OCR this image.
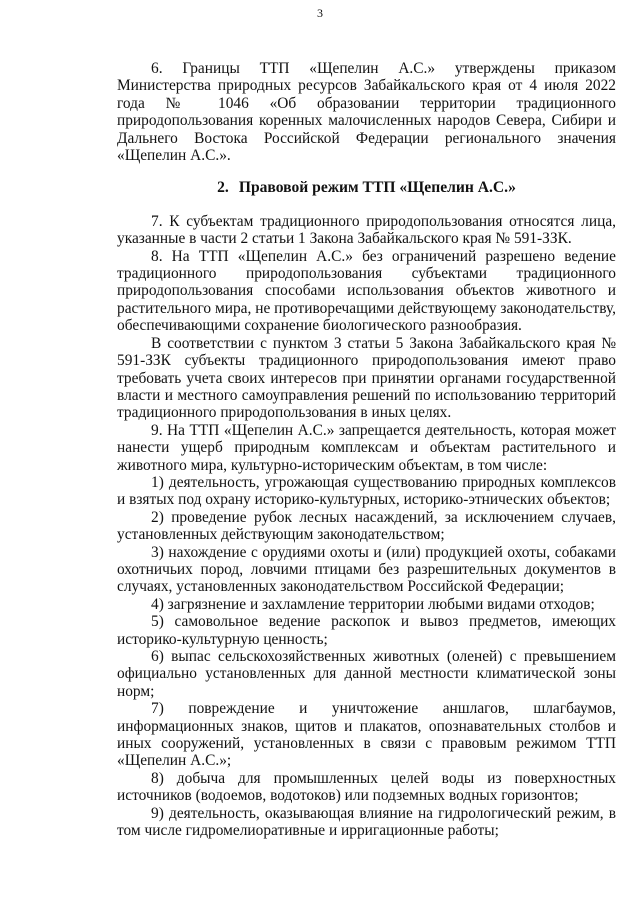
3

6. Границы ТТП «Щепелин А.С.» утверждены приказом Министерства природных ресурсов Забайкальского края от 4 июля 2022 года № 1046 «Об образовании территории традиционного природопользования коренных малочисленных народов Севера, Сибири и Дальнего Востока Российской Федерации регионального значения «Щепелин А.С.».

2. Правовой режим ТТП «Щепелин А.С.»

7. К субъектам традиционного природопользования относятся лица, указанные в части 2 статьи 1 Закона Забайкальского края № 591-ЗЗК.

8. На ТТП «Щепелин А.С.» без ограничений разрешено ведение традиционного природопользования субъектами традиционного природопользования способами использования объектов животного и растительного мира, не противоречащими действующему законодательству, обеспечивающими сохранение биологического разнообразия.

В соответствии с пунктом 3 статьи 5 Закона Забайкальского края № 591-ЗЗК субъекты традиционного природопользования имеют право требовать учета своих интересов при принятии органами государственной власти и местного самоуправления решений по использованию территорий традиционного природопользования в иных целях.

9. На ТТП «Щепелин А.С.» запрещается деятельность, которая может нанести ущерб природным комплексам и объектам растительного и животного мира, культурно-историческим объектам, в том числе:

1) деятельность, угрожающая существованию природных комплексов и взятых под охрану историко-культурных, историко-этнических объектов;

2) проведение рубок лесных насаждений, за исключением случаев, установленных действующим законодательством;

3) нахождение с орудиями охоты и (или) продукцией охоты, собаками охотничьих пород, ловчими птицами без разрешительных документов в случаях, установленных законодательством Российской Федерации;

4) загрязнение и захламление территории любыми видами отходов;

5) самовольное ведение раскопок и вывоз предметов, имеющих историко-культурную ценность;

6) выпас сельскохозяйственных животных (оленей) с превышением официально установленных для данной местности климатической зоны норм;

7) повреждение и уничтожение аншлагов, шлагбаумов, информационных знаков, щитов и плакатов, опознавательных столбов и иных сооружений, установленных в связи с правовым режимом ТТП «Щепелин А.С.»;

8) добыча для промышленных целей воды из поверхностных источников (водоемов, водотоков) или подземных водных горизонтов;

9) деятельность, оказывающая влияние на гидрологический режим, в том числе гидромелиоративные и ирригационные работы;
